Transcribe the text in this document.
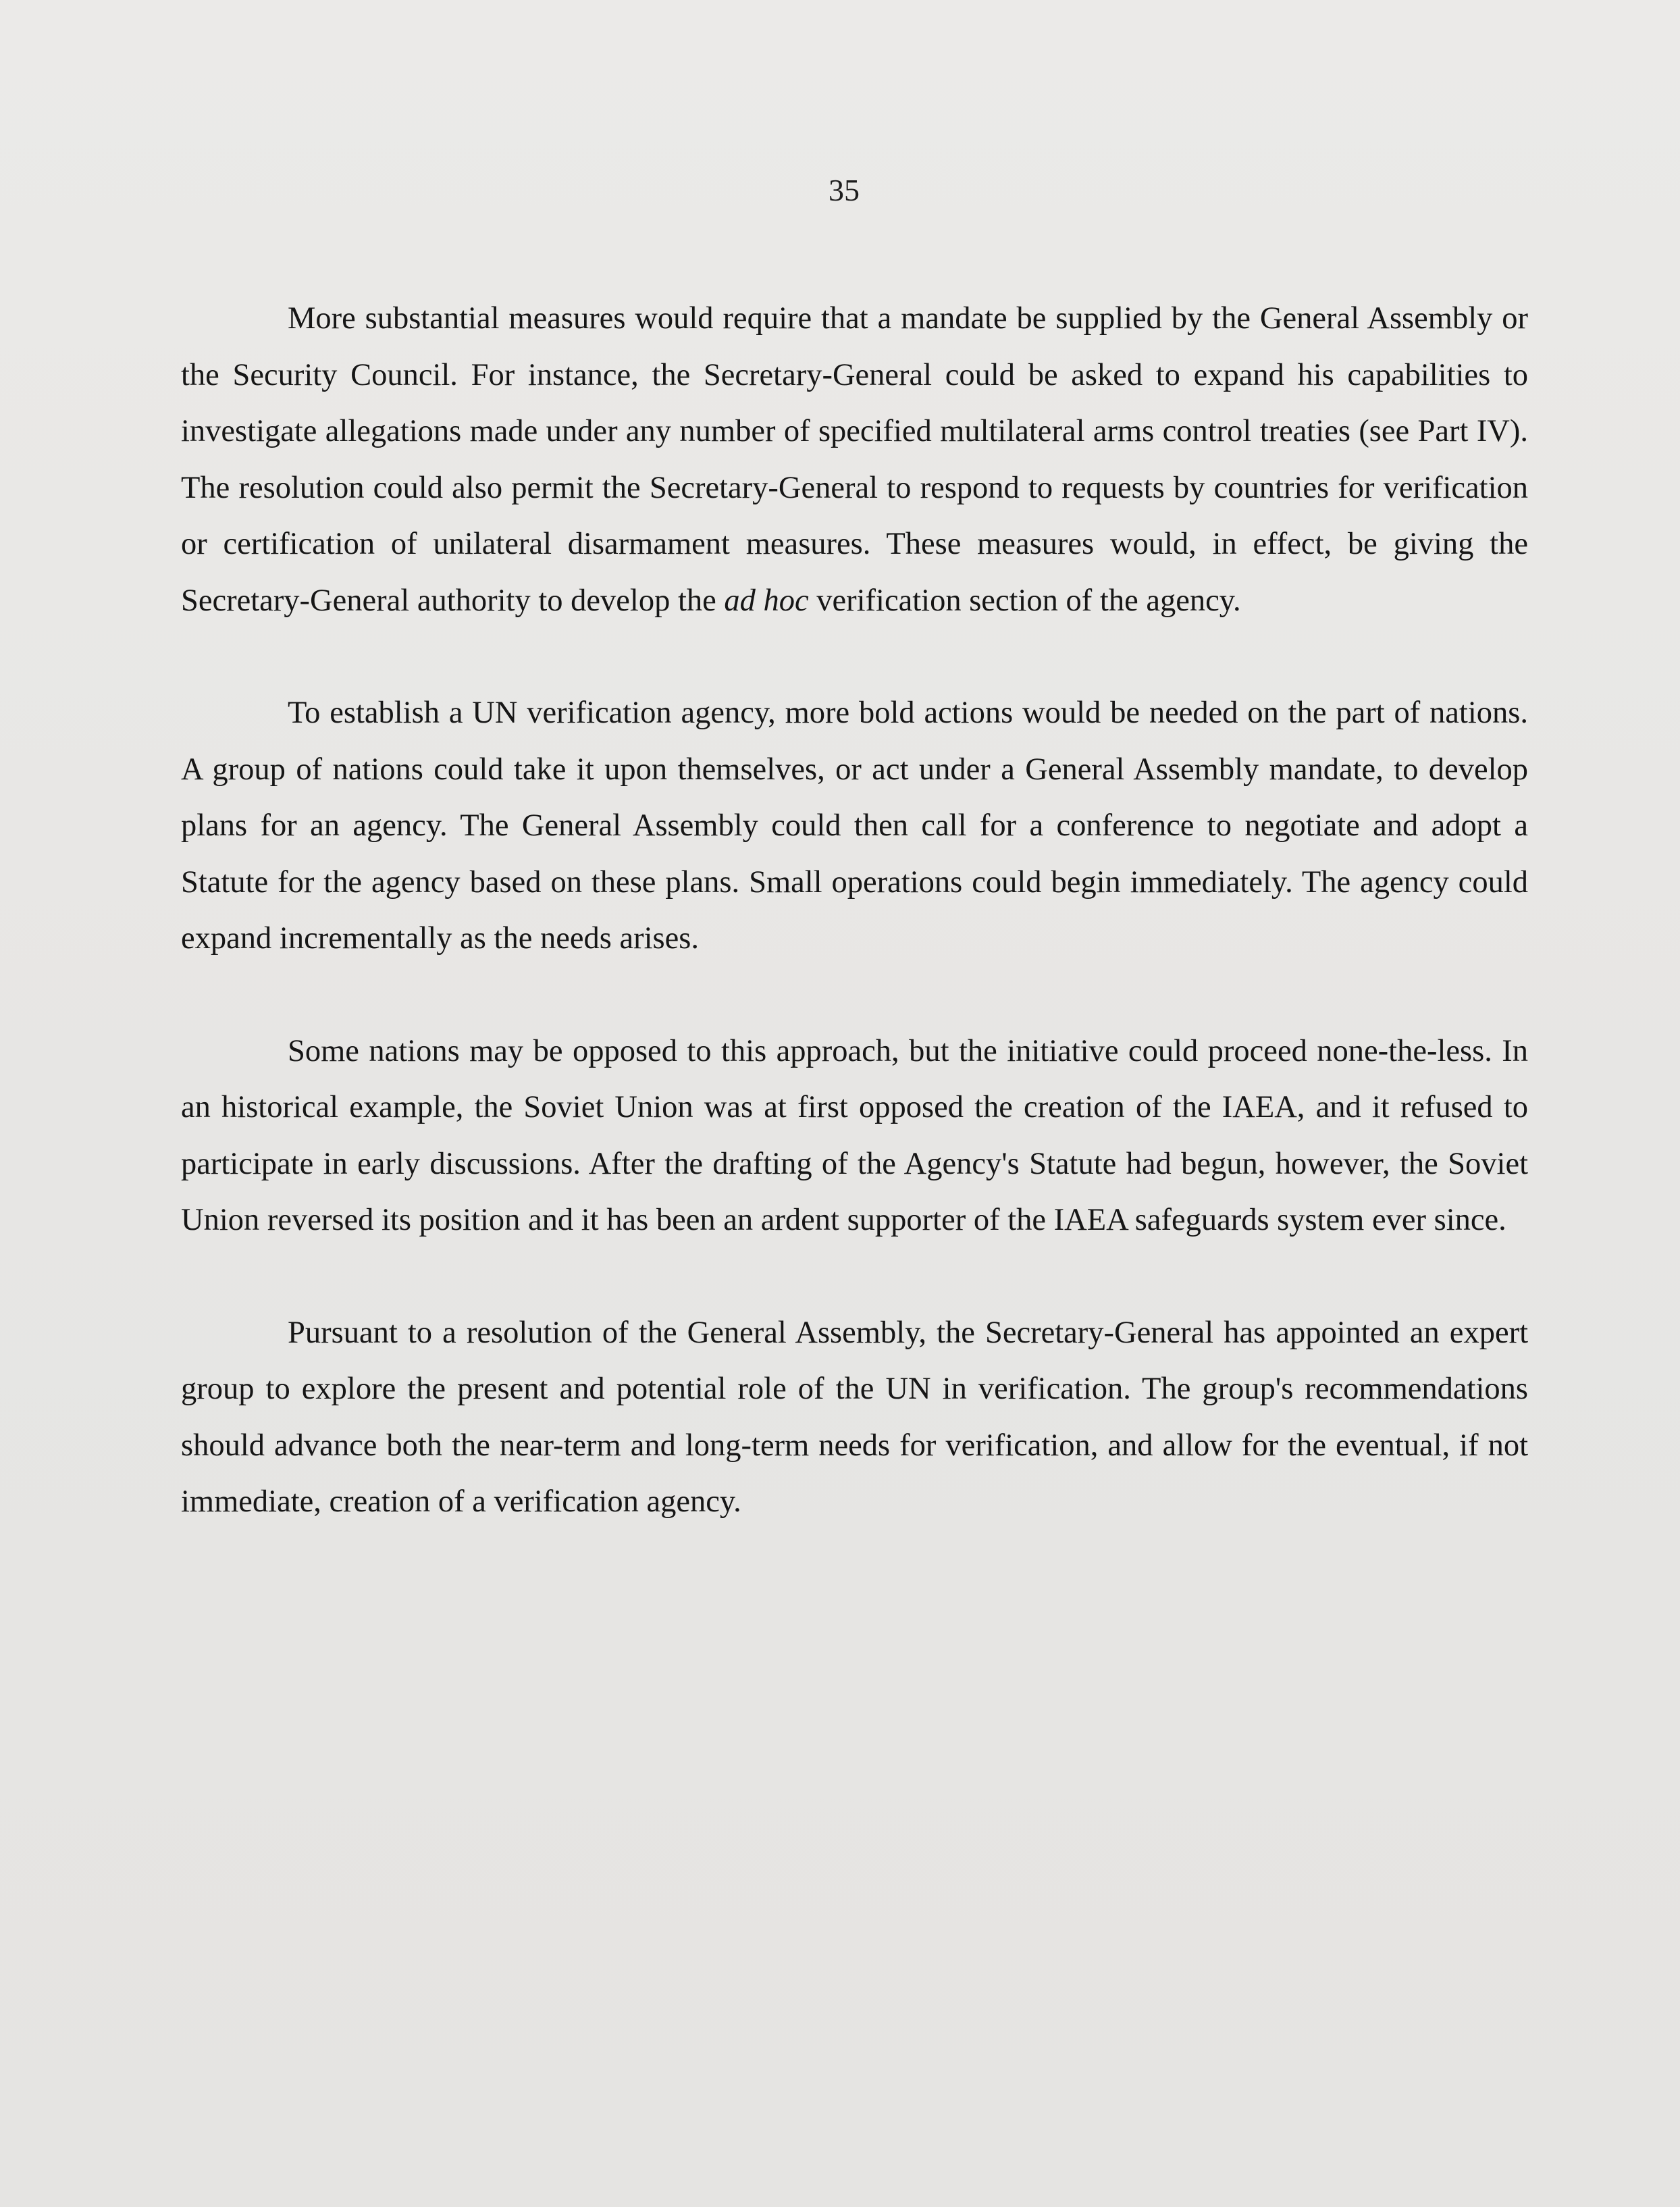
35

More substantial measures would require that a mandate be supplied by the General Assembly or the Security Council. For instance, the Secretary-General could be asked to expand his capabilities to investigate allegations made under any number of specified multilateral arms control treaties (see Part IV). The resolution could also permit the Secretary-General to respond to requests by countries for verification or certification of unilateral disarmament measures. These measures would, in effect, be giving the Secretary-General authority to develop the ad hoc verification section of the agency.

To establish a UN verification agency, more bold actions would be needed on the part of nations. A group of nations could take it upon themselves, or act under a General Assembly mandate, to develop plans for an agency. The General Assembly could then call for a conference to negotiate and adopt a Statute for the agency based on these plans. Small operations could begin immediately. The agency could expand incrementally as the needs arises.

Some nations may be opposed to this approach, but the initiative could proceed none-the-less. In an historical example, the Soviet Union was at first opposed the creation of the IAEA, and it refused to participate in early discussions. After the drafting of the Agency's Statute had begun, however, the Soviet Union reversed its position and it has been an ardent supporter of the IAEA safeguards system ever since.

Pursuant to a resolution of the General Assembly, the Secretary-General has appointed an expert group to explore the present and potential role of the UN in verification. The group's recommendations should advance both the near-term and long-term needs for verification, and allow for the eventual, if not immediate, creation of a verification agency.
